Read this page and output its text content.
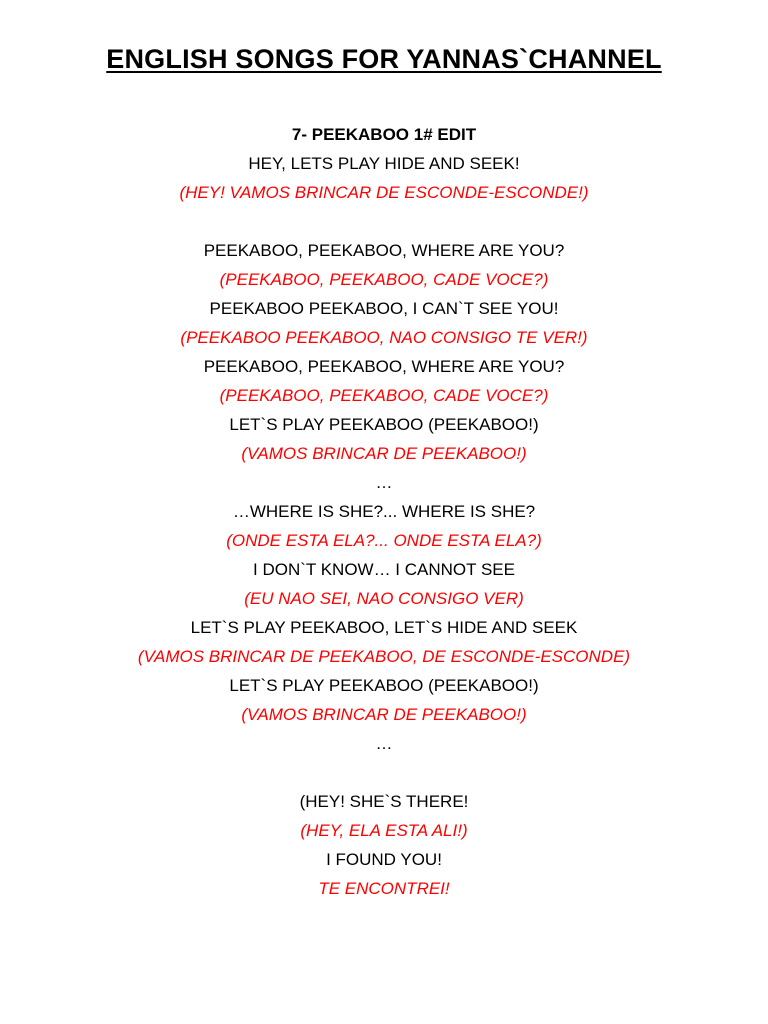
ENGLISH SONGS FOR YANNAS`CHANNEL
7- PEEKABOO 1# EDIT
HEY, LETS PLAY HIDE AND SEEK!
(HEY! VAMOS BRINCAR DE ESCONDE-ESCONDE!)
PEEKABOO, PEEKABOO, WHERE ARE YOU?
(PEEKABOO, PEEKABOO, CADE VOCE?)
PEEKABOO PEEKABOO, I CAN`T SEE YOU!
(PEEKABOO PEEKABOO, NAO CONSIGO TE VER!)
PEEKABOO, PEEKABOO, WHERE ARE YOU?
(PEEKABOO, PEEKABOO, CADE VOCE?)
LET`S PLAY PEEKABOO (PEEKABOO!)
(VAMOS BRINCAR DE PEEKABOO!)
…
…WHERE IS SHE?... WHERE IS SHE?
(ONDE ESTA ELA?... ONDE ESTA ELA?)
I DON`T KNOW… I CANNOT SEE
(EU NAO SEI, NAO CONSIGO VER)
LET`S PLAY PEEKABOO, LET`S HIDE AND SEEK
(VAMOS BRINCAR DE PEEKABOO, DE ESCONDE-ESCONDE)
LET`S PLAY PEEKABOO (PEEKABOO!)
(VAMOS BRINCAR DE PEEKABOO!)
…
(HEY! SHE`S THERE!
(HEY, ELA ESTA ALI!)
I FOUND YOU!
TE ENCONTREI!
